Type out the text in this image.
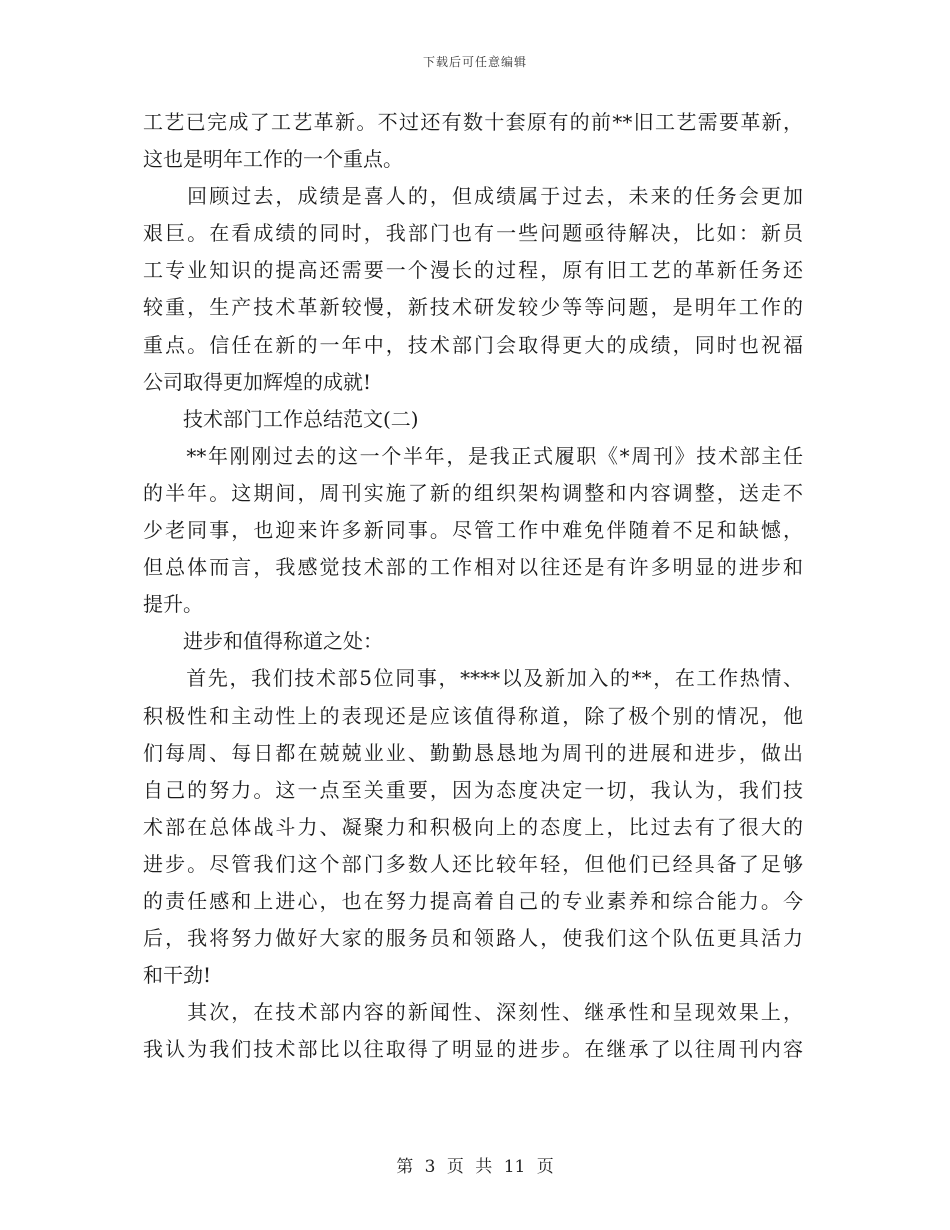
下载后可任意编辑
工艺已完成了工艺革新。不过还有数十套原有的前**旧工艺需要革新，
这也是明年工作的一个重点。
　　回顾过去，成绩是喜人的，但成绩属于过去，未来的任务会更加
艰巨。在看成绩的同时，我部门也有一些问题亟待解决，比如：新员
工专业知识的提高还需要一个漫长的过程，原有旧工艺的革新任务还
较重，生产技术革新较慢，新技术研发较少等等问题，是明年工作的
重点。信任在新的一年中，技术部门会取得更大的成绩，同时也祝福
公司取得更加辉煌的成就!
　　技术部门工作总结范文(二)
　　**年刚刚过去的这一个半年，是我正式履职《*周刊》技术部主任
的半年。这期间，周刊实施了新的组织架构调整和内容调整，送走不
少老同事，也迎来许多新同事。尽管工作中难免伴随着不足和缺憾，
但总体而言，我感觉技术部的工作相对以往还是有许多明显的进步和
提升。
　　进步和值得称道之处：
　　首先，我们技术部5位同事，****以及新加入的**，在工作热情、
积极性和主动性上的表现还是应该值得称道，除了极个别的情况，他
们每周、每日都在兢兢业业、勤勤恳恳地为周刊的进展和进步，做出
自己的努力。这一点至关重要，因为态度决定一切，我认为，我们技
术部在总体战斗力、凝聚力和积极向上的态度上，比过去有了很大的
进步。尽管我们这个部门多数人还比较年轻，但他们已经具备了足够
的责任感和上进心，也在努力提高着自己的专业素养和综合能力。今
后，我将努力做好大家的服务员和领路人，使我们这个队伍更具活力
和干劲!
　　其次，在技术部内容的新闻性、深刻性、继承性和呈现效果上，
我认为我们技术部比以往取得了明显的进步。在继承了以往周刊内容
第 3 页 共 11 页
